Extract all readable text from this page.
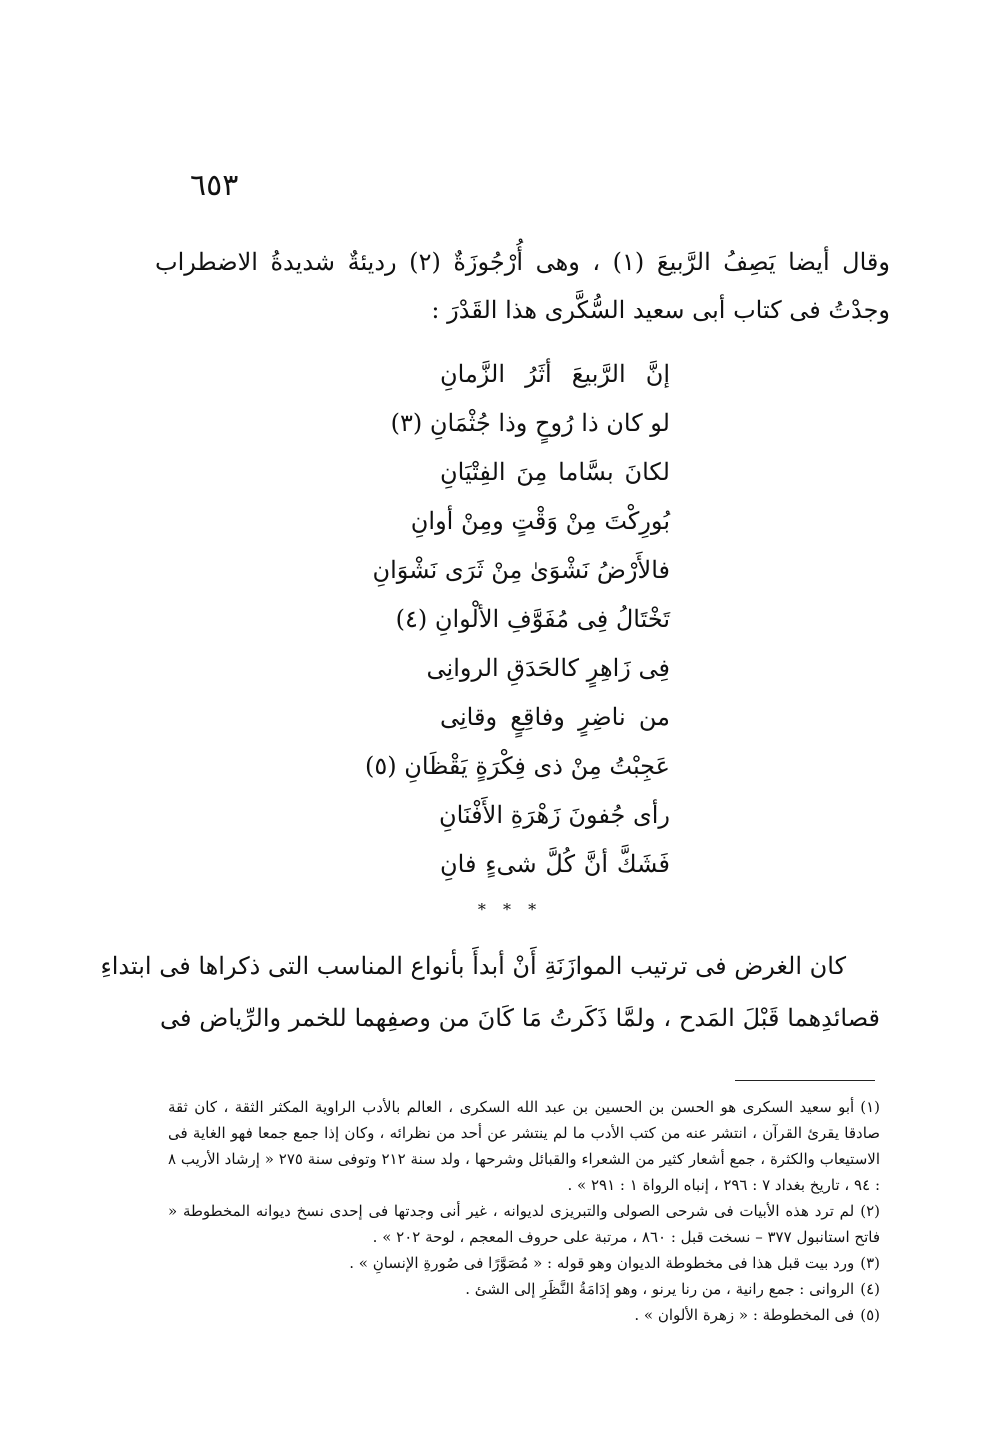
٦٥٣

وقال أيضا يَصِفُ الرَّبيعَ (١) ، وهى أُرْجُوزَةٌ (٢) رديئةٌ شديدةُ الاضطراب وجدْتُ فى كتاب أبى سعيد السُّكَّرى هذا القَدْرَ :

إنَّ الرَّبيعَ أثَرُ الزَّمانِ
لو كان ذا رُوحٍ وذا جُثْمَانِ (٣)
لكانَ بسَّاما مِنَ الفِتْيَانِ
بُورِكْتَ مِنْ وَقْتٍ ومِنْ أوانِ
فالأَرْضُ نَشْوَىٰ مِنْ ثَرَى نَشْوَانِ
تَخْتَالُ فِى مُفَوَّفِ الألْوانِ (٤)
فِى زَاهِرٍ كالحَدَقِ الروانِى
من ناضِرٍ وفاقِعٍ وقانِى
عَجِبْتُ مِنْ ذى فِكْرَةٍ يَقْظَانِ (٥)
رأى جُفونَ زَهْرَةِ الأَفْنَانِ
فَشَكَّ أنَّ كُلَّ شىءٍ فانِ
* * *
كان الغرض فى ترتيب الموازَنَةِ أَنْ أبدأَ بأنواع المناسب التى ذكراها فى ابتداءِ
قصائدِهما قَبْلَ المَدح ، ولمَّا ذَكَرتُ مَا كَانَ من وصفِهما للخمر والرِّياض فى
(١)أبو سعيد السكرى هو الحسن بن الحسين بن عبد الله السكرى ، العالم بالأدب الراوية المكثر الثقة ، كان ثقة صادقا يقرئ القرآن ، انتشر عنه من كتب الأدب ما لم ينتشر عن أحد من نظرائه ، وكان إذا جمع جمعا فهو الغاية فى الاستيعاب والكثرة ، جمع أشعار كثير من الشعراء والقبائل وشرحها ، ولد سنة ٢١٢ وتوفى سنة ٢٧٥ « إرشاد الأريب ٨ : ٩٤ ، تاريخ بغداد ٧ : ٢٩٦ ، إنباه الرواة ١ : ٢٩١ » .
(٢)لم ترد هذه الأبيات فى شرحى الصولى والتبريزى لديوانه ، غير أنى وجدتها فى إحدى نسخ ديوانه المخطوطة « فاتح استانبول ٣٧٧ – نسخت قبل : ٨٦٠ ، مرتبة على حروف المعجم ، لوحة ٢٠٢ » .
(٣)ورد بيت قبل هذا فى مخطوطة الديوان وهو قوله : « مُصَوَّرًا فى صُورةِ الإنسانِ » .
(٤)الروانى : جمع رانية ، من رنا يرنو ، وهو إدَامَةُ النَّظَرِ إلى الشئ .
(٥)فى المخطوطة : « زهرة الألوان » .
